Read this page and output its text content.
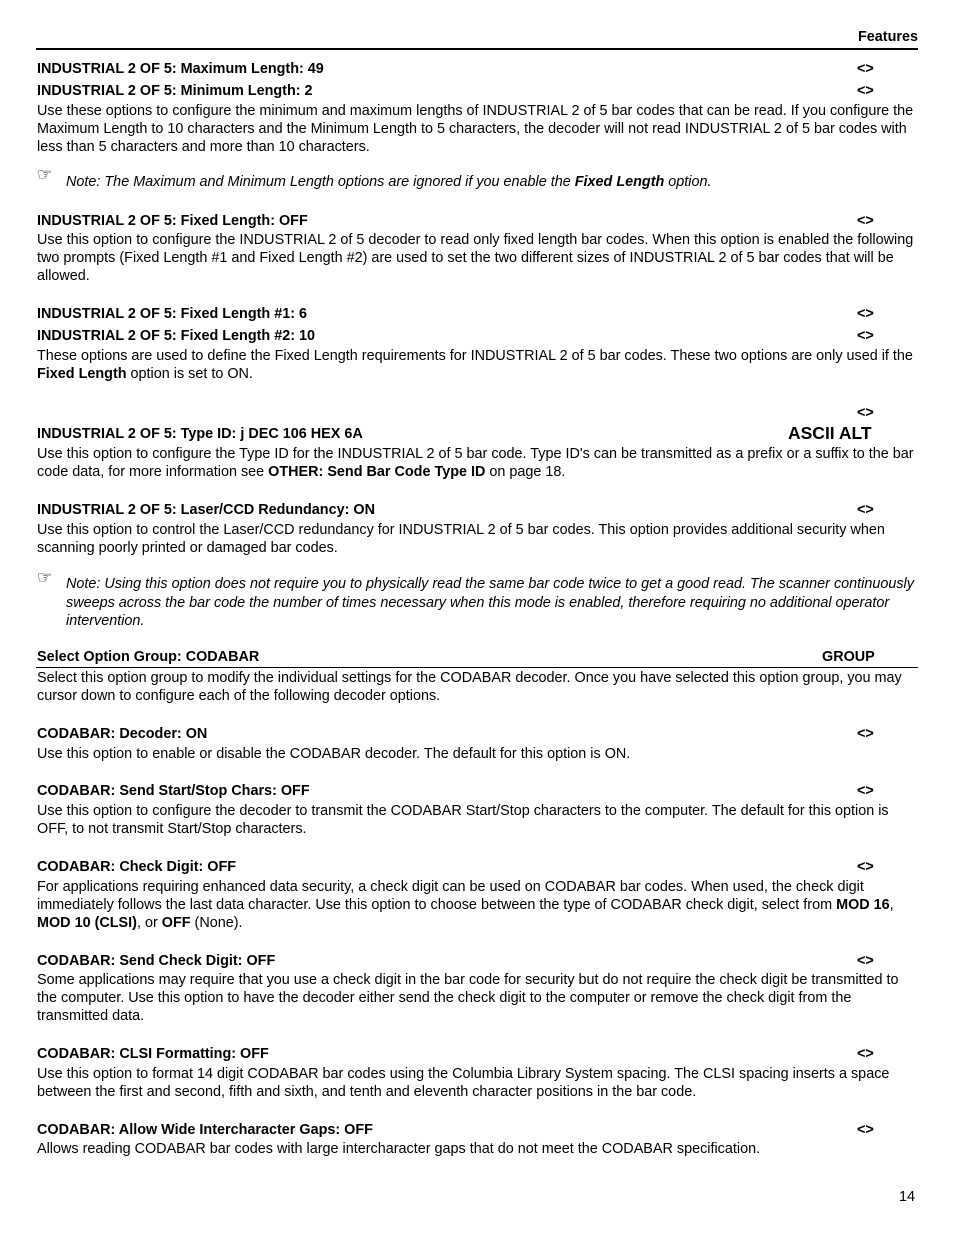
Features
INDUSTRIAL 2 OF 5: Maximum Length: 49	<>
INDUSTRIAL 2 OF 5: Minimum Length: 2	<>
Use these options to configure the minimum and maximum lengths of INDUSTRIAL 2 of 5 bar codes that can be read. If you configure the Maximum Length to 10 characters and the Minimum Length to 5 characters, the decoder will not read INDUSTRIAL 2 of 5 bar codes with less than 5 characters and more than 10 characters.
☞ Note: The Maximum and Minimum Length options are ignored if you enable the Fixed Length option.
INDUSTRIAL 2 OF 5: Fixed Length: OFF	<>
Use this option to configure the INDUSTRIAL 2 of 5 decoder to read only fixed length bar codes. When this option is enabled the following two prompts (Fixed Length #1 and Fixed Length #2) are used to set the two different sizes of INDUSTRIAL 2 of 5 bar codes that will be allowed.
INDUSTRIAL 2 OF 5: Fixed Length #1: 6	<>
INDUSTRIAL 2 OF 5: Fixed Length #2: 10	<>
These options are used to define the Fixed Length requirements for INDUSTRIAL 2 of 5 bar codes. These two options are only used if the Fixed Length option is set to ON.
<>
ASCII ALT
INDUSTRIAL 2 OF 5: Type ID: j DEC 106 HEX 6A
Use this option to configure the Type ID for the INDUSTRIAL 2 of 5 bar code. Type ID's can be transmitted as a prefix or a suffix to the bar code data, for more information see OTHER: Send Bar Code Type ID on page 18.
INDUSTRIAL 2 OF 5: Laser/CCD Redundancy: ON	<>
Use this option to control the Laser/CCD redundancy for INDUSTRIAL 2 of 5 bar codes. This option provides additional security when scanning poorly printed or damaged bar codes.
☞ Note: Using this option does not require you to physically read the same bar code twice to get a good read. The scanner continuously sweeps across the bar code the number of times necessary when this mode is enabled, therefore requiring no additional operator intervention.
Select Option Group: CODABAR	GROUP
Select this option group to modify the individual settings for the CODABAR decoder. Once you have selected this option group, you may cursor down to configure each of the following decoder options.
CODABAR: Decoder: ON	<>
Use this option to enable or disable the CODABAR decoder. The default for this option is ON.
CODABAR: Send Start/Stop Chars: OFF	<>
Use this option to configure the decoder to transmit the CODABAR Start/Stop characters to the computer. The default for this option is OFF, to not transmit Start/Stop characters.
CODABAR: Check Digit: OFF	<>
For applications requiring enhanced data security, a check digit can be used on CODABAR bar codes. When used, the check digit immediately follows the last data character. Use this option to choose between the type of CODABAR check digit, select from MOD 16, MOD 10 (CLSI), or OFF (None).
CODABAR: Send Check Digit: OFF	<>
Some applications may require that you use a check digit in the bar code for security but do not require the check digit be transmitted to the computer. Use this option to have the decoder either send the check digit to the computer or remove the check digit from the transmitted data.
CODABAR: CLSI Formatting: OFF	<>
Use this option to format 14 digit CODABAR bar codes using the Columbia Library System spacing. The CLSI spacing inserts a space between the first and second, fifth and sixth, and tenth and eleventh character positions in the bar code.
CODABAR: Allow Wide Intercharacter Gaps: OFF	<>
Allows reading CODABAR bar codes with large intercharacter gaps that do not meet the CODABAR specification.
14
